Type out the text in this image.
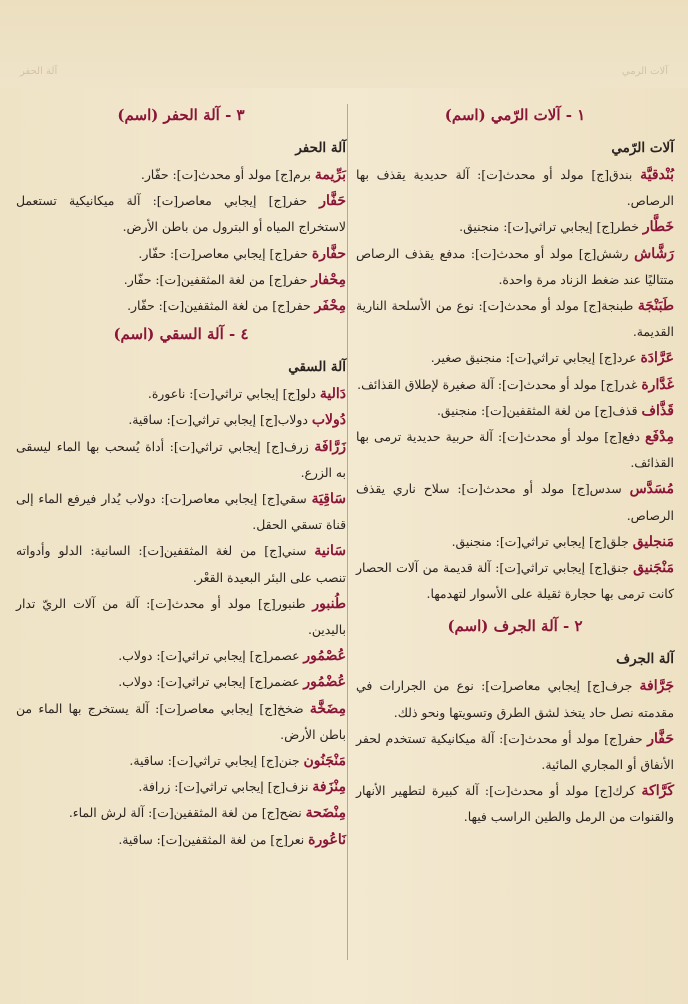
آلات الرمي
آلة الحفر
١ - آلات الرّمي (اسم)
آلات الرّمي

بُنْدقيَّة بندق[ج] مولد أو محدث[ت]: آلة حديدية يقذف بها الرصاص.

خَطَّار خطر[ج] إيجابي تراثي[ت]: منجنيق.

رَشَّاش رشش[ج] مولد أو محدث[ت]: مدفع يقذف الرصاص متتاليًا عند ضغط الزناد مرة واحدة.

طَبَنْجَة طبنجة[ج] مولد أو محدث[ت]: نوع من الأسلحة النارية القديمة.

عَرَّادَة عرد[ج] إيجابي تراثي[ت]: منجنيق صغير.

غَدَّارة غدر[ج] مولد أو محدث[ت]: آلة صغيرة لإطلاق القذائف.

قَذَّاف قذف[ج] من لغة المثقفين[ت]: منجنيق.

مِدْفَع دفع[ج] مولد أو محدث[ت]: آلة حربية حديدية ترمى بها القذائف.

مُسَدَّس سدس[ج] مولد أو محدث[ت]: سلاح ناري يقذف الرصاص.

مَنجليق جلق[ج] إيجابي تراثي[ت]: منجنيق.

مَنْجَنيق جنق[ج] إيجابي تراثي[ت]: آلة قديمة من آلات الحصار كانت ترمى بها حجارة ثقيلة على الأسوار لتهدمها.

٢ - آلة الجرف (اسم)
آلة الجرف

جَرَّافة جرف[ج] إيجابي معاصر[ت]: نوع من الجرارات في مقدمته نصل حاد يتخذ لشق الطرق وتسويتها ونحو ذلك.

حَفَّار حفر[ج] مولد أو محدث[ت]: آلة ميكانيكية تستخدم لحفر الأنفاق أو المجاري المائية.

كَرَّاكة كرك[ج] مولد أو محدث[ت]: آلة كبيرة لتطهير الأنهار والقنوات من الرمل والطين الراسب فيها.

٣ - آلة الحفر (اسم)
آلة الحفر

بَرِّيمة برم[ج] مولد أو محدث[ت]: حفّار.

حَفَّار حفر[ج] إيجابي معاصر[ت]: آلة ميكانيكية تستعمل لاستخراج المياه أو البترول من باطن الأرض.

حفَّارة حفر[ج] إيجابي معاصر[ت]: حفّار.

مِحْفار حفر[ج] من لغة المثقفين[ت]: حفّار.

مِحْفَر حفر[ج] من لغة المثقفين[ت]: حفّار.

٤ - آلة السقي (اسم)
آلة السقي

دَالية دلو[ج] إيجابي تراثي[ت]: ناعورة.

دُولاب دولاب[ج] إيجابي تراثي[ت]: ساقية.

زَرَّافَة زرف[ج] إيجابي تراثي[ت]: أداة يُسحب بها الماء ليسقى به الزرع.

سَاقِيَة سقي[ج] إيجابي معاصر[ت]: دولاب يُدار فيرفع الماء إلى قناة تسقي الحقل.

سَانية سني[ج] من لغة المثقفين[ت]: السانية: الدلو وأدواته تنصب على البئر البعيدة القعْر.

طُنبور طنبور[ج] مولد أو محدث[ت]: آلة من آلات الريّ تدار باليدين.

عُصْمُور عصمر[ج] إيجابي تراثي[ت]: دولاب.

عُضْمُور عضمر[ج] إيجابي تراثي[ت]: دولاب.

مِضَخَّة ضخخ[ج] إيجابي معاصر[ت]: آلة يستخرج بها الماء من باطن الأرض.

مَنْجَنُون جنن[ج] إيجابي تراثي[ت]: ساقية.

مِنْزَفة نزف[ج] إيجابي تراثي[ت]: زرافة.

مِنْضَحة نضح[ج] من لغة المثقفين[ت]: آلة لرش الماء.

نَاعُورة نعر[ج] من لغة المثقفين[ت]: ساقية.
